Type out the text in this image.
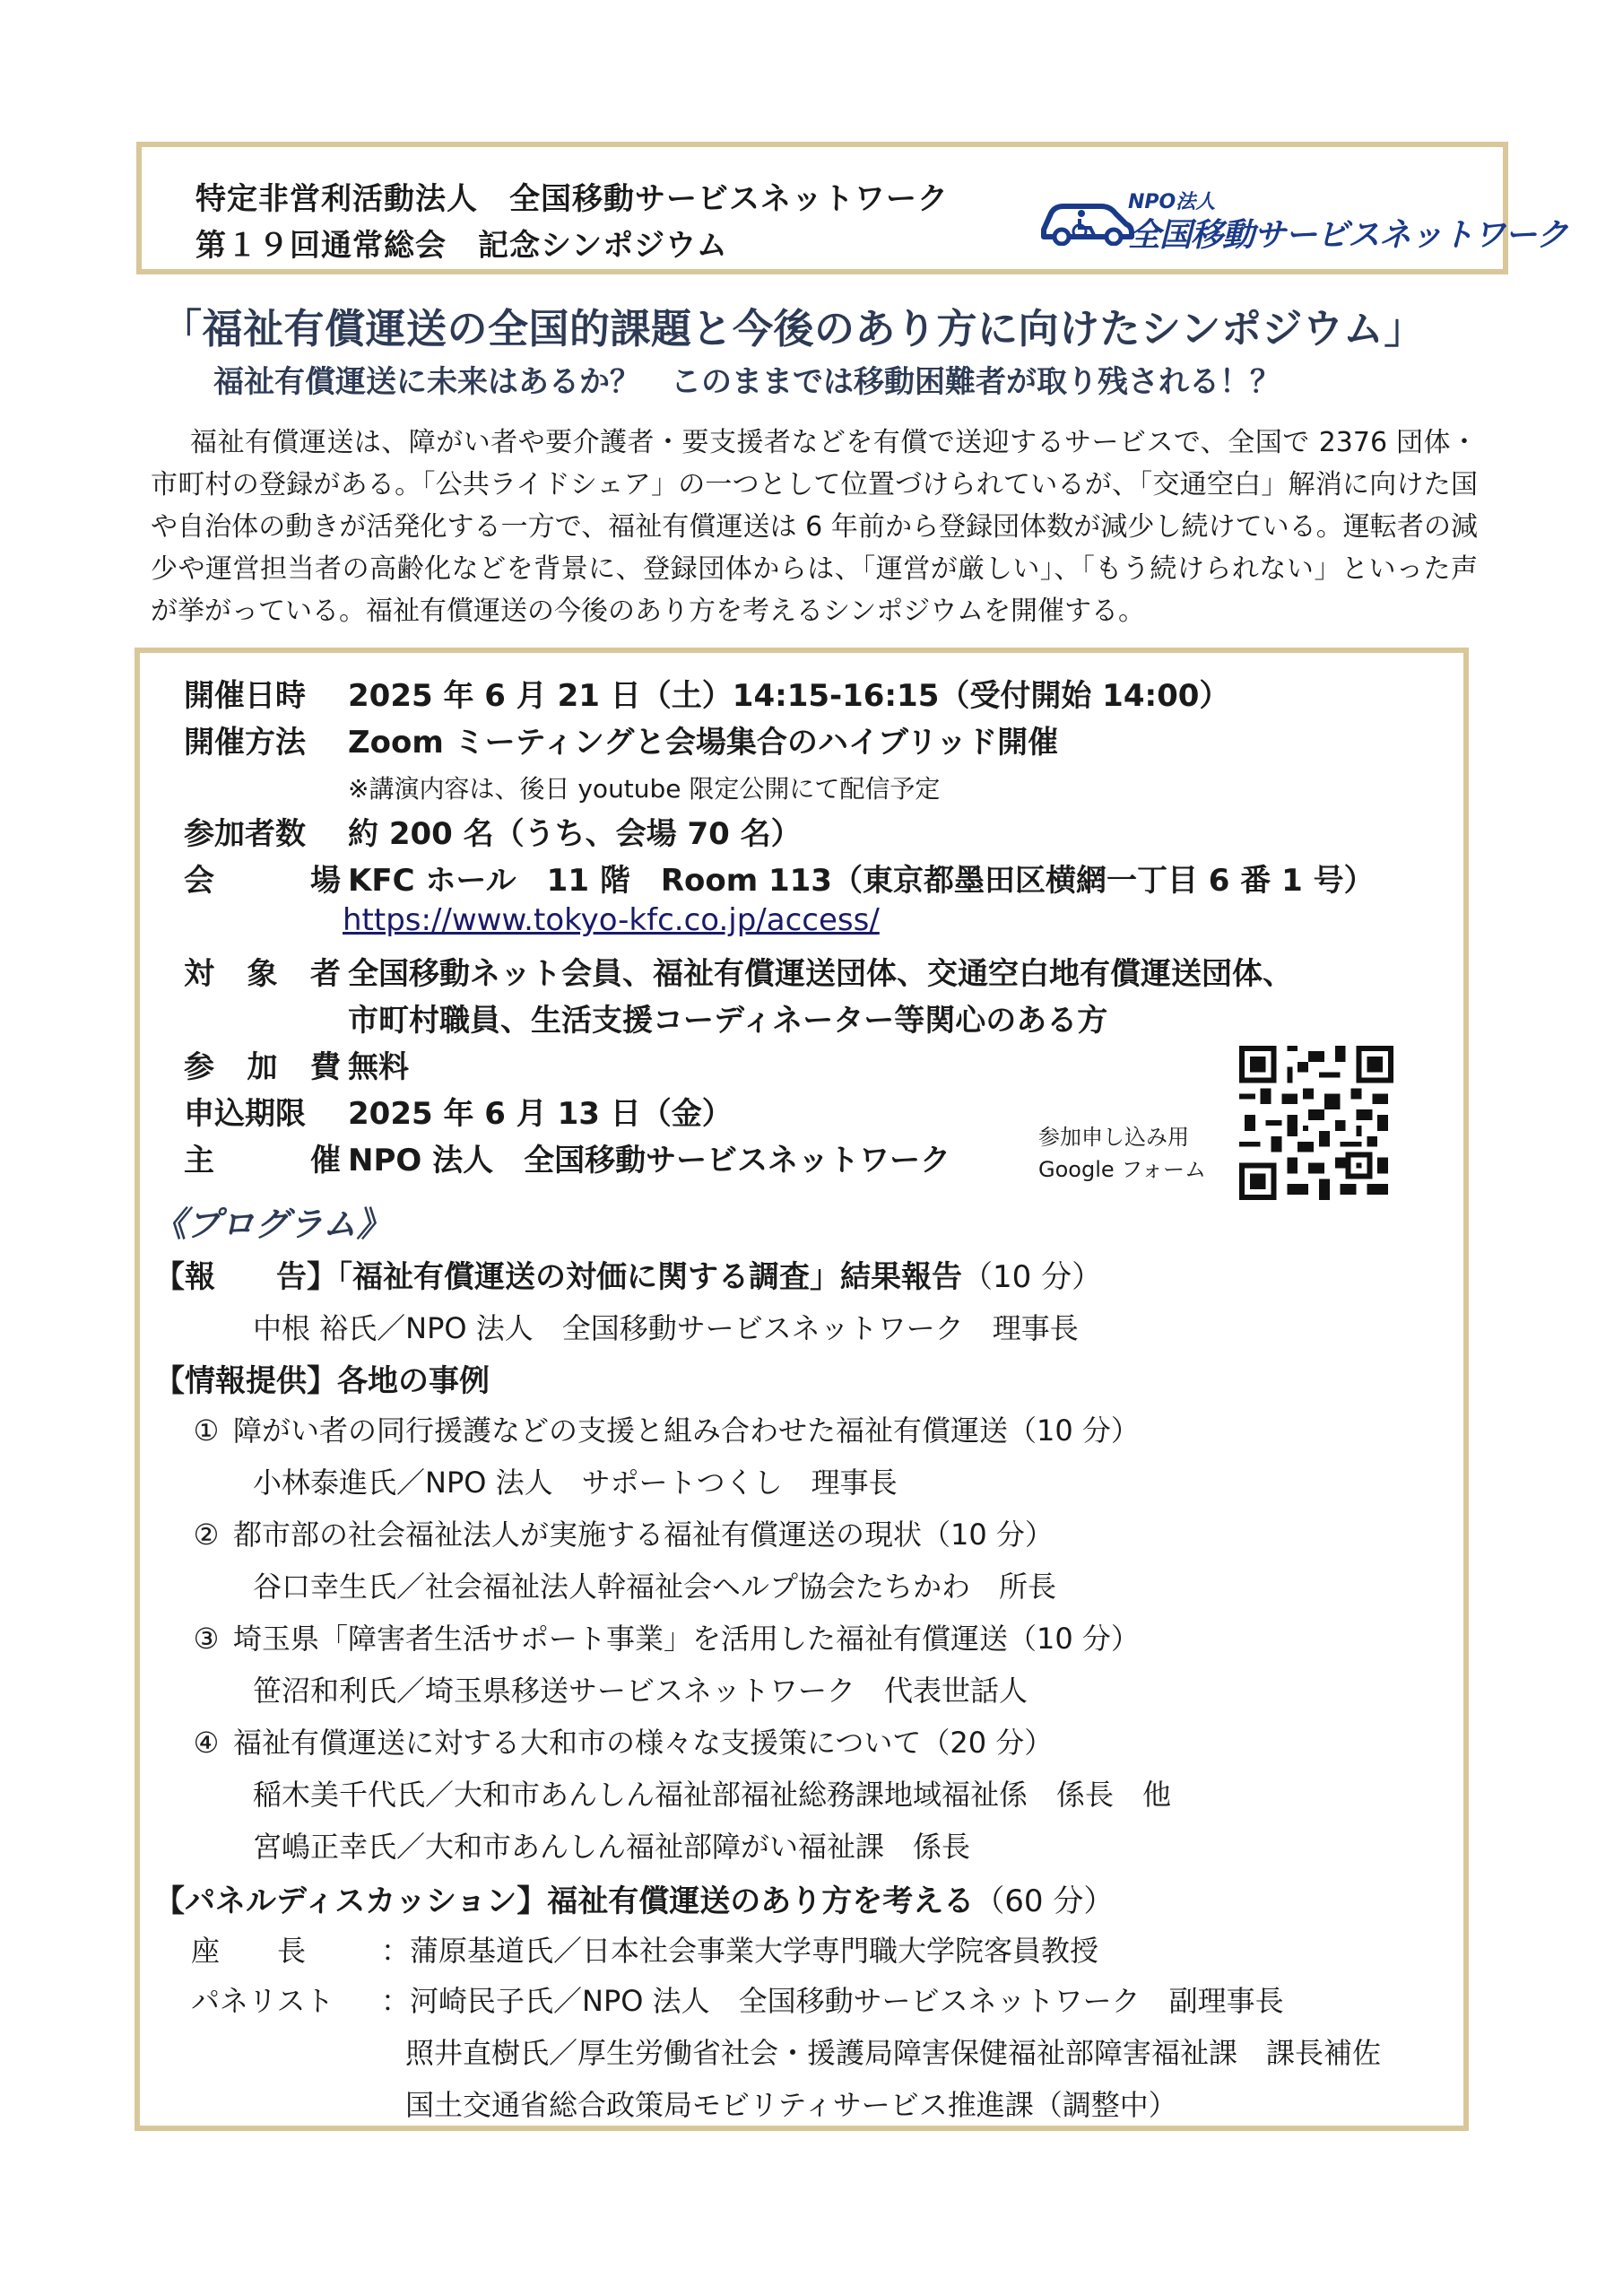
特定非営利活動法人　全国移動サービスネットワーク
第１９回通常総会　記念シンポジウム
NPO法人
全国移動サービスネットワーク
「福祉有償運送の全国的課題と今後のあり方に向けたシンポジウム」
福祉有償運送に未来はあるか？　このままでは移動困難者が取り残される！？
福祉有償運送は、障がい者や要介護者・要支援者などを有償で送迎するサービスで、全国で 2376 団体・市町村の登録がある。「公共ライドシェア」の一つとして位置づけられているが、「交通空白」解消に向けた国や自治体の動きが活発化する一方で、福祉有償運送は 6 年前から登録団体数が減少し続けている。運転者の減少や運営担当者の高齢化などを背景に、登録団体からは、「運営が厳しい」、「もう続けられない」といった声が挙がっている。福祉有償運送の今後のあり方を考えるシンポジウムを開催する。
開催日時 2025 年 6 月 21 日（土）14:15-16:15（受付開始 14:00）
開催方法 Zoom ミーティングと会場集合のハイブリッド開催
※講演内容は、後日 youtube 限定公開にて配信予定
参加者数 約 200 名（うち、会場 70 名）
会　場 KFC ホール　11 階　Room 113（東京都墨田区横網一丁目 6 番 1 号）
https://www.tokyo-kfc.co.jp/access/
対 象 者 全国移動ネット会員、福祉有償運送団体、交通空白地有償運送団体、
市町村職員、生活支援コーディネーター等関心のある方
参 加 費 無料
申込期限 2025 年 6 月 13 日（金）
主　催 NPO 法人　全国移動サービスネットワーク
参加申し込み用
Google フォーム
《プログラム》
【報　　告】「福祉有償運送の対価に関する調査」結果報告（10 分）
中根 裕氏／NPO 法人　全国移動サービスネットワーク　理事長
【情報提供】各地の事例
① 障がい者の同行援護などの支援と組み合わせた福祉有償運送（10 分）
小林泰進氏／NPO 法人　サポートつくし　理事長
② 都市部の社会福祉法人が実施する福祉有償運送の現状（10 分）
谷口幸生氏／社会福祉法人幹福祉会ヘルプ協会たちかわ　所長
③ 埼玉県「障害者生活サポート事業」を活用した福祉有償運送（10 分）
笹沼和利氏／埼玉県移送サービスネットワーク　代表世話人
④ 福祉有償運送に対する大和市の様々な支援策について（20 分）
稲木美千代氏／大和市あんしん福祉部福祉総務課地域福祉係　係長　他
宮嶋正幸氏／大和市あんしん福祉部障がい福祉課　係長
【パネルディスカッション】福祉有償運送のあり方を考える（60 分）
座　　長	：蒲原基道氏／日本社会事業大学専門職大学院客員教授
パネリスト ：河崎民子氏／NPO 法人　全国移動サービスネットワーク　副理事長
照井直樹氏／厚生労働省社会・援護局障害保健福祉部障害福祉課　課長補佐
国土交通省総合政策局モビリティサービス推進課（調整中）
